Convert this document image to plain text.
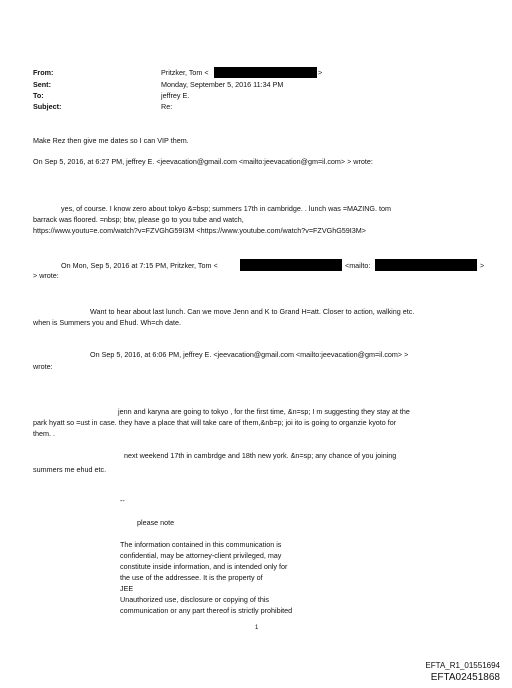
From:	Pritzker, Tom <	>
Sent:	Monday, September 5, 2016 11:34 PM
To:	jeffrey E.
Subject:	Re:
Make Rez then give me dates so I can VIP them.
On Sep 5, 2016, at 6:27 PM, jeffrey E. <jeevacation@gmail.com <mailto:jeevacation@gm=il.com> > wrote:
yes, of course. I know zero about tokyo &=bsp; summers 17th in cambridge. . lunch was =MAZING. tom
barrack was floored. =nbsp; btw, please go to you tube and watch,
https://www.youtu=e.com/watch?v=FZVGhG59I3M <https://www.youtube.com/watch?v=FZVGhG59I3M>
On Mon, Sep 5, 2016 at 7:15 PM, Pritzker, Tom <	<mailto:	>
> wrote:
Want to hear about last lunch. Can we move Jenn and K to Grand H=att. Closer to action, walking etc.
when is Summers you and Ehud. Wh=ch date.
On Sep 5, 2016, at 6:06 PM, jeffrey E. <jeevacation@gmail.com <mailto:jeevacation@gm=il.com> >
wrote:
jenn and karyna are going to tokyo , for the first time, &n=sp; I m suggesting they stay at the
park hyatt so =ust in case. they have a place that will take care of them,&nb=p; joi ito is going to organzie kyoto for
them. .
next weekend 17th in cambrdge and 18th new york. &n=sp; any chance of you joining
summers me ehud etc.
--
please note
The information contained in this communication is
confidential, may be attorney-client privileged, may
constitute inside information, and is intended only for
the use of the addressee. It is the property of
JEE
Unauthorized use, disclosure or copying of this
communication or any part thereof is strictly prohibited
1
EFTA_R1_01551694
EFTA02451868
